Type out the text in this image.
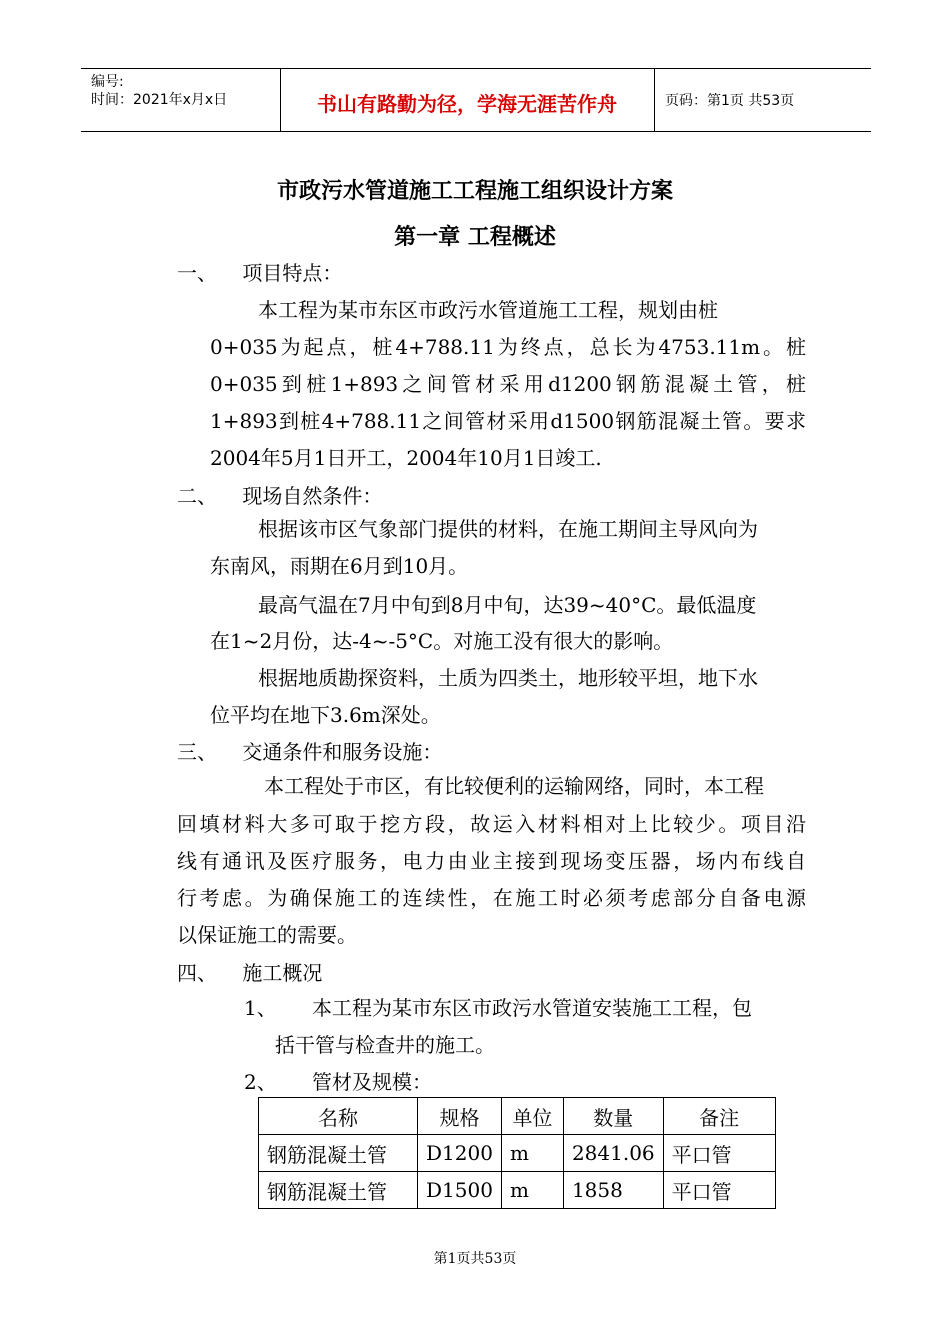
编号:
时间：2021年x月x日	书山有路勤为径，学海无涯苦作舟	页码：第1页 共53页
市政污水管道施工工程施工组织设计方案
第一章 工程概述
一、    项目特点：
本工程为某市东区市政污水管道施工工程，规划由桩
0+035为起点，桩4+788.11为终点，总长为4753.11m。桩
0+035到桩1+893之间管材采用d1200钢筋混凝土管，桩
1+893到桩4+788.11之间管材采用d1500钢筋混凝土管。要求
2004年5月1日开工，2004年10月1日竣工.
二、    现场自然条件：
根据该市区气象部门提供的材料，在施工期间主导风向为
东南风，雨期在6月到10月。
最高气温在7月中旬到8月中旬，达39~40°C。最低温度
在1~2月份，达-4~-5°C。对施工没有很大的影响。
根据地质勘探资料，土质为四类土，地形较平坦，地下水
位平均在地下3.6m深处。
三、    交通条件和服务设施：
本工程处于市区，有比较便利的运输网络，同时，本工程
回填材料大多可取于挖方段，故运入材料相对上比较少。项目沿
线有通讯及医疗服务，电力由业主接到现场变压器，场内布线自
行考虑。为确保施工的连续性，在施工时必须考虑部分自备电源
以保证施工的需要。
四、    施工概况
1、 本工程为某市东区市政污水管道安装施工工程，包
括干管与检查井的施工。
2、 管材及规模：
名称	规格	单位	数量	备注
钢筋混凝土管	D1200	m	2841.06	平口管
钢筋混凝土管	D1500	m	1858	平口管
第1页共53页
